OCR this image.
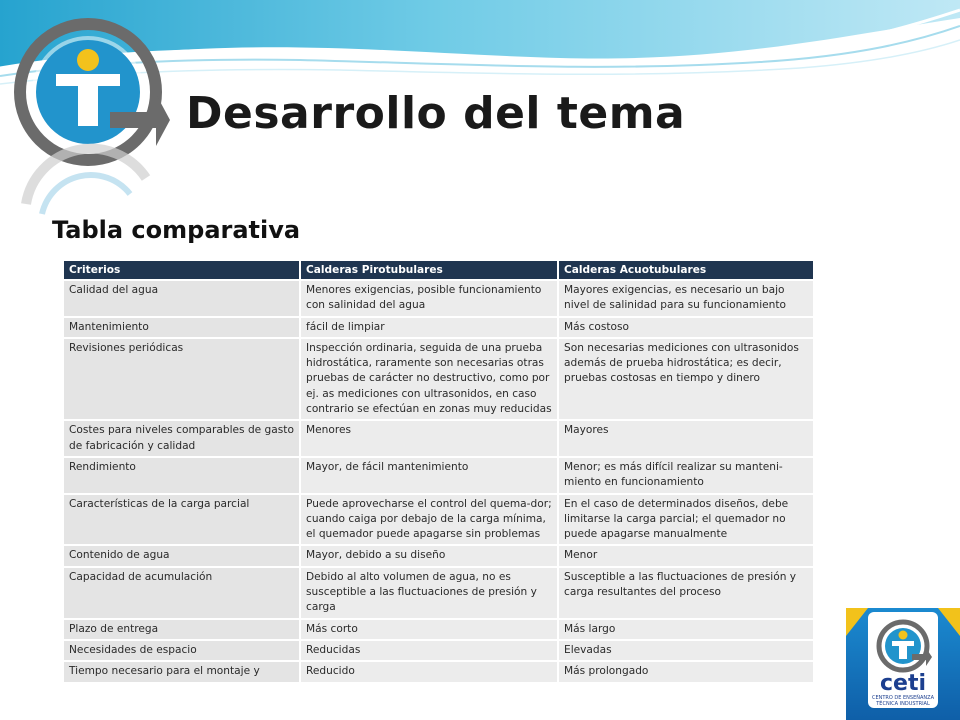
Desarrollo del tema
Tabla comparativa
Criterios	Calderas Pirotubulares	Calderas Acuotubulares
Calidad del agua	Menores exigencias, posible funcionamiento con salinidad del agua	Mayores exigencias, es necesario un bajo nivel de salinidad para su funcionamiento
Mantenimiento	fácil de limpiar	Más costoso
Revisiones periódicas	Inspección ordinaria, seguida de una prueba hidrostática, raramente son necesarias otras pruebas de carácter no destructivo, como por ej. as mediciones con ultrasonidos, en caso contrario se efectúan en zonas muy reducidas	Son necesarias mediciones con ultrasonidos además de prueba hidrostática; es decir, pruebas costosas en tiempo y dinero
Costes para niveles comparables de gasto de fabricación y calidad	Menores	Mayores
Rendimiento	Mayor, de fácil mantenimiento	Menor; es más difícil realizar su manteni-miento en funcionamiento
Características de la carga parcial	Puede aprovecharse el control del quema-dor; cuando caiga por debajo de la carga mínima, el quemador puede apagarse sin problemas	En el caso de determinados diseños, debe limitarse la carga parcial; el quemador no puede apagarse manualmente
Contenido de agua	Mayor, debido a su diseño	Menor
Capacidad de acumulación	Debido al alto volumen de agua, no es susceptible a las fluctuaciones de presión y carga	Susceptible a las fluctuaciones de presión y carga resultantes del proceso
Plazo de entrega	Más corto	Más largo
Necesidades de espacio	Reducidas	Elevadas
Tiempo necesario para el montaje y	Reducido	Más prolongado	ceti
CENTRO DE ENSEÑANZA
TÉCNICA INDUSTRIAL
